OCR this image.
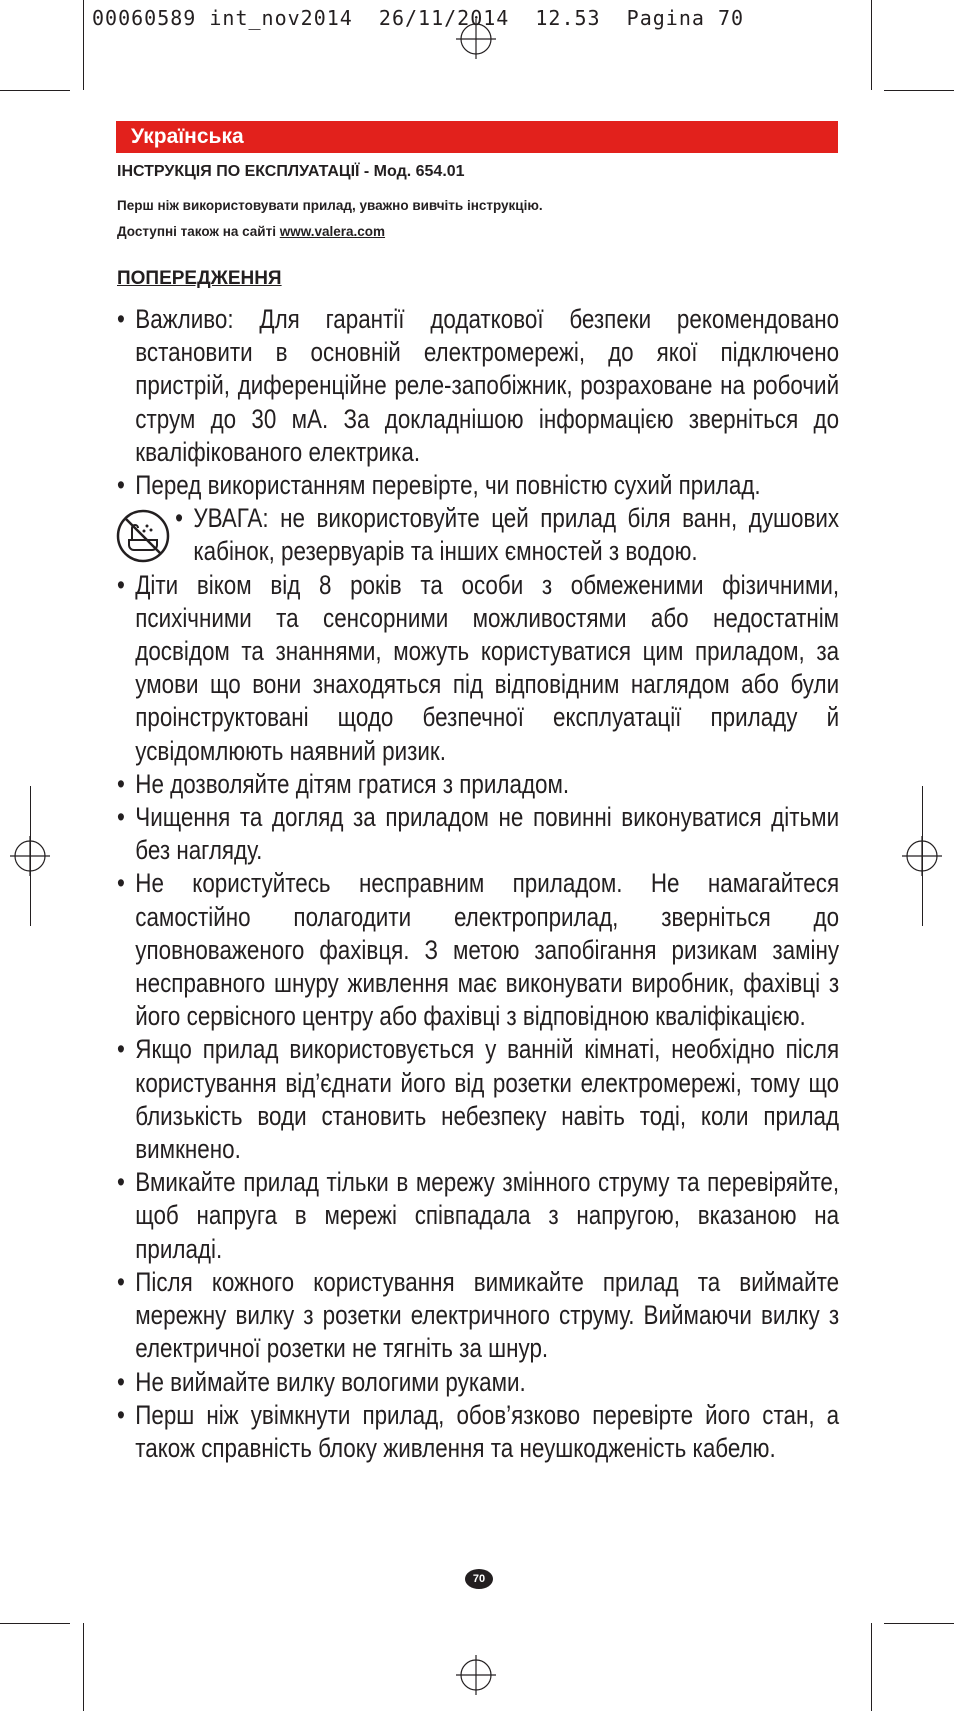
00060589 int_nov2014  26/11/2014  12.53  Pagina 70
Українська
ІНСТРУКЦІЯ ПО ЕКСПЛУАТАЦІЇ - Мод. 654.01
Перш ніж використовувати прилад, уважно вивчіть інструкцію.
Доступні також на сайті www.valera.com
ПОПЕРЕДЖЕННЯ
• Важливо: Для гарантії додаткової безпеки рекомендовано встановити в основній електромережі, до якої підключено пристрій, диференційне реле-запобіжник, розраховане на робочий струм до 30 мА. За докладнішою інформацією зверніться до кваліфікованого електрика.
• Перед використанням перевірте, чи повністю сухий прилад.
• УВАГА: не використовуйте цей прилад біля ванн, душових кабінок, резервуарів та інших ємностей з водою.
• Діти віком від 8 років та особи з обмеженими фізичними, психічними та сенсорними можливостями або недостатнім досвідом та знаннями, можуть користуватися цим приладом, за умови що вони знаходяться під відповідним наглядом або були проінструктовані щодо безпечної експлуатації приладу й усвідомлюють наявний ризик.
• Не дозволяйте дітям гратися з приладом.
• Чищення та догляд за приладом не повинні виконуватися дітьми без нагляду.
• Не користуйтесь несправним приладом. Не намагайтеся самостійно полагодити електроприлад, зверніться до уповноваженого фахівця. З метою запобігання ризикам заміну несправного шнуру живлення має виконувати виробник, фахівці з його сервісного центру або фахівці з відповідною кваліфікацією.
• Якщо прилад використовується у ванній кімнаті, необхідно після користування від’єднати його від розетки електромережі, тому що близькість води становить небезпеку навіть тоді, коли прилад вимкнено.
• Вмикайте прилад тільки в мережу змінного струму та перевіряйте, щоб напруга в мережі співпадала з напругою, вказаною на приладі.
• Після кожного користування вимикайте прилад та виймайте мережну вилку з розетки електричного струму. Виймаючи вилку з електричної розетки не тягніть за шнур.
• Не виймайте вилку вологими руками.
• Перш ніж увімкнути прилад, обов’язково перевірте його стан, а також справність блоку живлення та неушкодженість кабелю.
70
